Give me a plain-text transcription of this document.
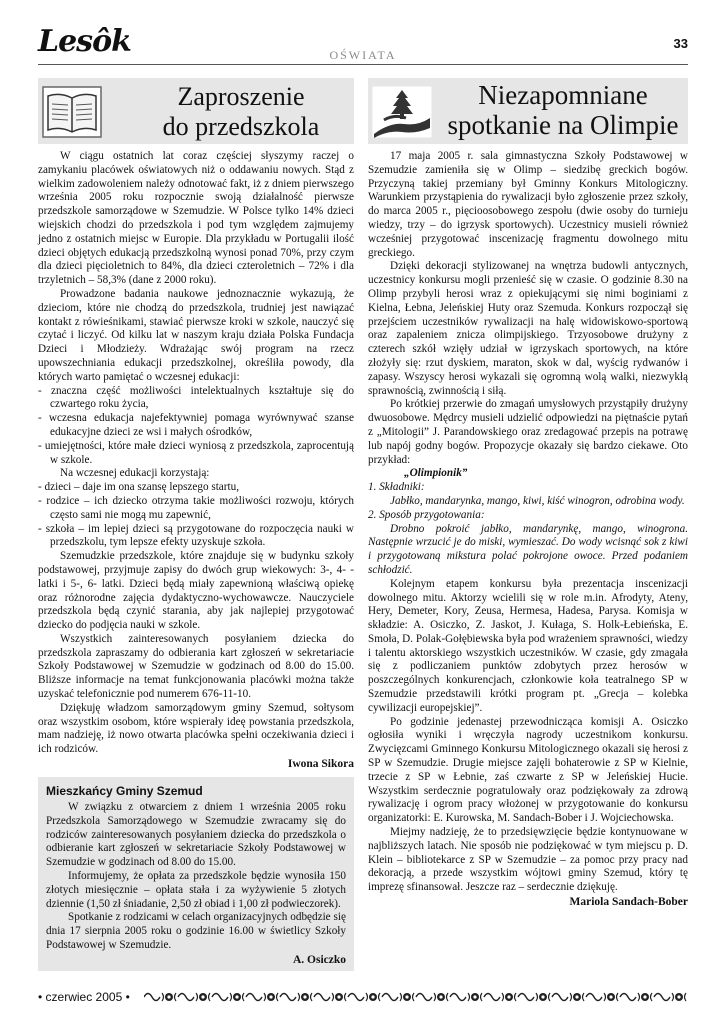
Lesôk	OŚWIATA
33
Zaproszenie
do przedszkola

W ciągu ostatnich lat coraz częściej słyszymy raczej o zamykaniu placówek oświatowych niż o oddawaniu nowych. Stąd z wielkim zadowoleniem należy odnotować fakt, iż z dniem pierwszego września 2005 roku rozpocznie swoją działalność pierwsze przedszkole samorządowe w Szemudzie. W Polsce tylko 14% dzieci wiejskich chodzi do przedszkola i pod tym względem zajmujemy jedno z ostatnich miejsc w Europie. Dla przykładu w Portugalii ilość dzieci objętych edukacją przedszkolną wynosi ponad 70%, przy czym dla dzieci pięcioletnich to 84%, dla dzieci czteroletnich – 72% i dla trzyletnich – 58,3% (dane z 2000 roku).

Prowadzone badania naukowe jednoznacznie wykazują, że dzieciom, które nie chodzą do przedszkola, trudniej jest nawiązać kontakt z rówieśnikami, stawiać pierwsze kroki w szkole, nauczyć się czytać i liczyć. Od kilku lat w naszym kraju działa Polska Fundacja Dzieci i Młodzieży. Wdrażając swój program na rzecz upowszechniania edukacji przedszkolnej, określiła powody, dla których warto pamiętać o wczesnej edukacji:

- znaczna część możliwości intelektualnych kształtuje się do czwartego roku życia,

- wczesna edukacja najefektywniej pomaga wyrównywać szanse edukacyjne dzieci ze wsi i małych ośrodków,

- umiejętności, które małe dzieci wyniosą z przedszkola, zaprocentują w szkole.

Na wczesnej edukacji korzystają:

- dzieci – daje im ona szansę lepszego startu,

- rodzice – ich dziecko otrzyma takie możliwości rozwoju, których często sami nie mogą mu zapewnić,

- szkoła – im lepiej dzieci są przygotowane do rozpoczęcia nauki w przedszkolu, tym lepsze efekty uzyskuje szkoła.

Szemudzkie przedszkole, które znajduje się w budynku szkoły podstawowej, przyjmuje zapisy do dwóch grup wiekowych: 3-, 4- -latki i 5-, 6- latki. Dzieci będą miały zapewnioną właściwą opiekę oraz różnorodne zajęcia dydaktyczno-wychowawcze. Nauczyciele przedszkola będą czynić starania, aby jak najlepiej przygotować dziecko do podjęcia nauki w szkole.

Wszystkich zainteresowanych posyłaniem dziecka do przedszkola zapraszamy do odbierania kart zgłoszeń w sekretariacie Szkoły Podstawowej w Szemudzie w godzinach od 8.00 do 15.00. Bliższe informacje na temat funkcjonowania placówki można także uzyskać telefonicznie pod numerem 676-11-10.

Dziękuję władzom samorządowym gminy Szemud, sołtysom oraz wszystkim osobom, które wspierały ideę powstania przedszkola, mam nadzieję, iż nowo otwarta placówka spełni oczekiwania dzieci i ich rodziców.

Iwona Sikora
Mieszkańcy Gminy Szemud

W związku z otwarciem z dniem 1 września 2005 roku Przedszkola Samorządowego w Szemudzie zwracamy się do rodziców zainteresowanych posyłaniem dziecka do przedszkola o odbieranie kart zgłoszeń w sekretariacie Szkoły Podstawowej w Szemudzie w godzinach od 8.00 do 15.00.

Informujemy, że opłata za przedszkole będzie wynosiła 150 złotych miesięcznie – opłata stała i za wyżywienie 5 złotych dziennie (1,50 zł śniadanie, 2,50 zł obiad i 1,00 zł podwieczorek).

Spotkanie z rodzicami w celach organizacyjnych odbędzie się dnia 17 sierpnia 2005 roku o godzinie 16.00 w świetlicy Szkoły Podstawowej w Szemudzie.

A. Osiczko
Niezapomniane
spotkanie na Olimpie

17 maja 2005 r. sala gimnastyczna Szkoły Podstawowej w Szemudzie zamieniła się w Olimp – siedzibę greckich bogów. Przyczyną takiej przemiany był Gminny Konkurs Mitologiczny. Warunkiem przystąpienia do rywalizacji było zgłoszenie przez szkoły, do marca 2005 r., pięcioosobowego zespołu (dwie osoby do turnieju wiedzy, trzy – do igrzysk sportowych). Uczestnicy musieli również wcześniej przygotować inscenizację fragmentu dowolnego mitu greckiego.

Dzięki dekoracji stylizowanej na wnętrza budowli antycznych, uczestnicy konkursu mogli przenieść się w czasie. O godzinie 8.30 na Olimp przybyli herosi wraz z opiekującymi się nimi boginiami z Kielna, Łebna, Jeleńskiej Huty oraz Szemuda. Konkurs rozpoczął się przejściem uczestników rywalizacji na halę widowiskowo-sportową oraz zapaleniem znicza olimpijskiego. Trzyosobowe drużyny z czterech szkół wzięły udział w igrzyskach sportowych, na które złożyły się: rzut dyskiem, maraton, skok w dal, wyścig rydwanów i zapasy. Wszyscy herosi wykazali się ogromną wolą walki, niezwykłą sprawnością, zwinnością i siłą.

Po krótkiej przerwie do zmagań umysłowych przystąpiły drużyny dwuosobowe. Mędrcy musieli udzielić odpowiedzi na piętnaście pytań z „Mitologii” J. Parandowskiego oraz zredagować przepis na potrawę lub napój godny bogów. Propozycje okazały się bardzo ciekawe. Oto przykład:

„Olimpionik”

1. Składniki:

Jabłko, mandarynka, mango, kiwi, kiść winogron, odrobina wody.

2. Sposób przygotowania:

Drobno pokroić jabłko, mandarynkę, mango, winogrona. Następnie wrzucić je do miski, wymieszać. Do wody wcisnąć sok z kiwi i przygotowaną mikstura polać pokrojone owoce. Przed podaniem schłodzić.

Kolejnym etapem konkursu była prezentacja inscenizacji dowolnego mitu. Aktorzy wcielili się w role m.in. Afrodyty, Ateny, Hery, Demeter, Kory, Zeusa, Hermesa, Hadesa, Parysa. Komisja w składzie: A. Osiczko, Z. Jaskot, J. Kułaga, S. Holk-Łebieńska, E. Smoła, D. Polak-Gołębiewska była pod wrażeniem sprawności, wiedzy i talentu aktorskiego wszystkich uczestników. W czasie, gdy zmagała się z podliczaniem punktów zdobytych przez herosów w poszczególnych konkurencjach, członkowie koła teatralnego SP w Szemudzie przedstawili krótki program pt. „Grecja – kolebka cywilizacji europejskiej”.

Po godzinie jedenastej przewodnicząca komisji A. Osiczko ogłosiła wyniki i wręczyła nagrody uczestnikom konkursu. Zwycięzcami Gminnego Konkursu Mitologicznego okazali się herosi z SP w Szemudzie. Drugie miejsce zajęli bohaterowie z SP w Kielnie, trzecie z SP w Łebnie, zaś czwarte z SP w Jeleńskiej Hucie. Wszystkim serdecznie pogratulowały oraz podziękowały za zdrową rywalizację i ogrom pracy włożonej w przygotowanie do konkursu organizatorki: E. Kurowska, M. Sandach-Bober i J. Wojciechowska.

Miejmy nadzieję, że to przedsięwzięcie będzie kontynuowane w najbliższych latach. Nie sposób nie podziękować w tym miejscu p. D. Klein – bibliotekarce z SP w Szemudzie – za pomoc przy pracy nad dekoracją, a przede wszystkim wójtowi gminy Szemud, który tę imprezę sfinansował. Jeszcze raz – serdecznie dziękuję.

Mariola Sandach-Bober
• czerwiec 2005 •
